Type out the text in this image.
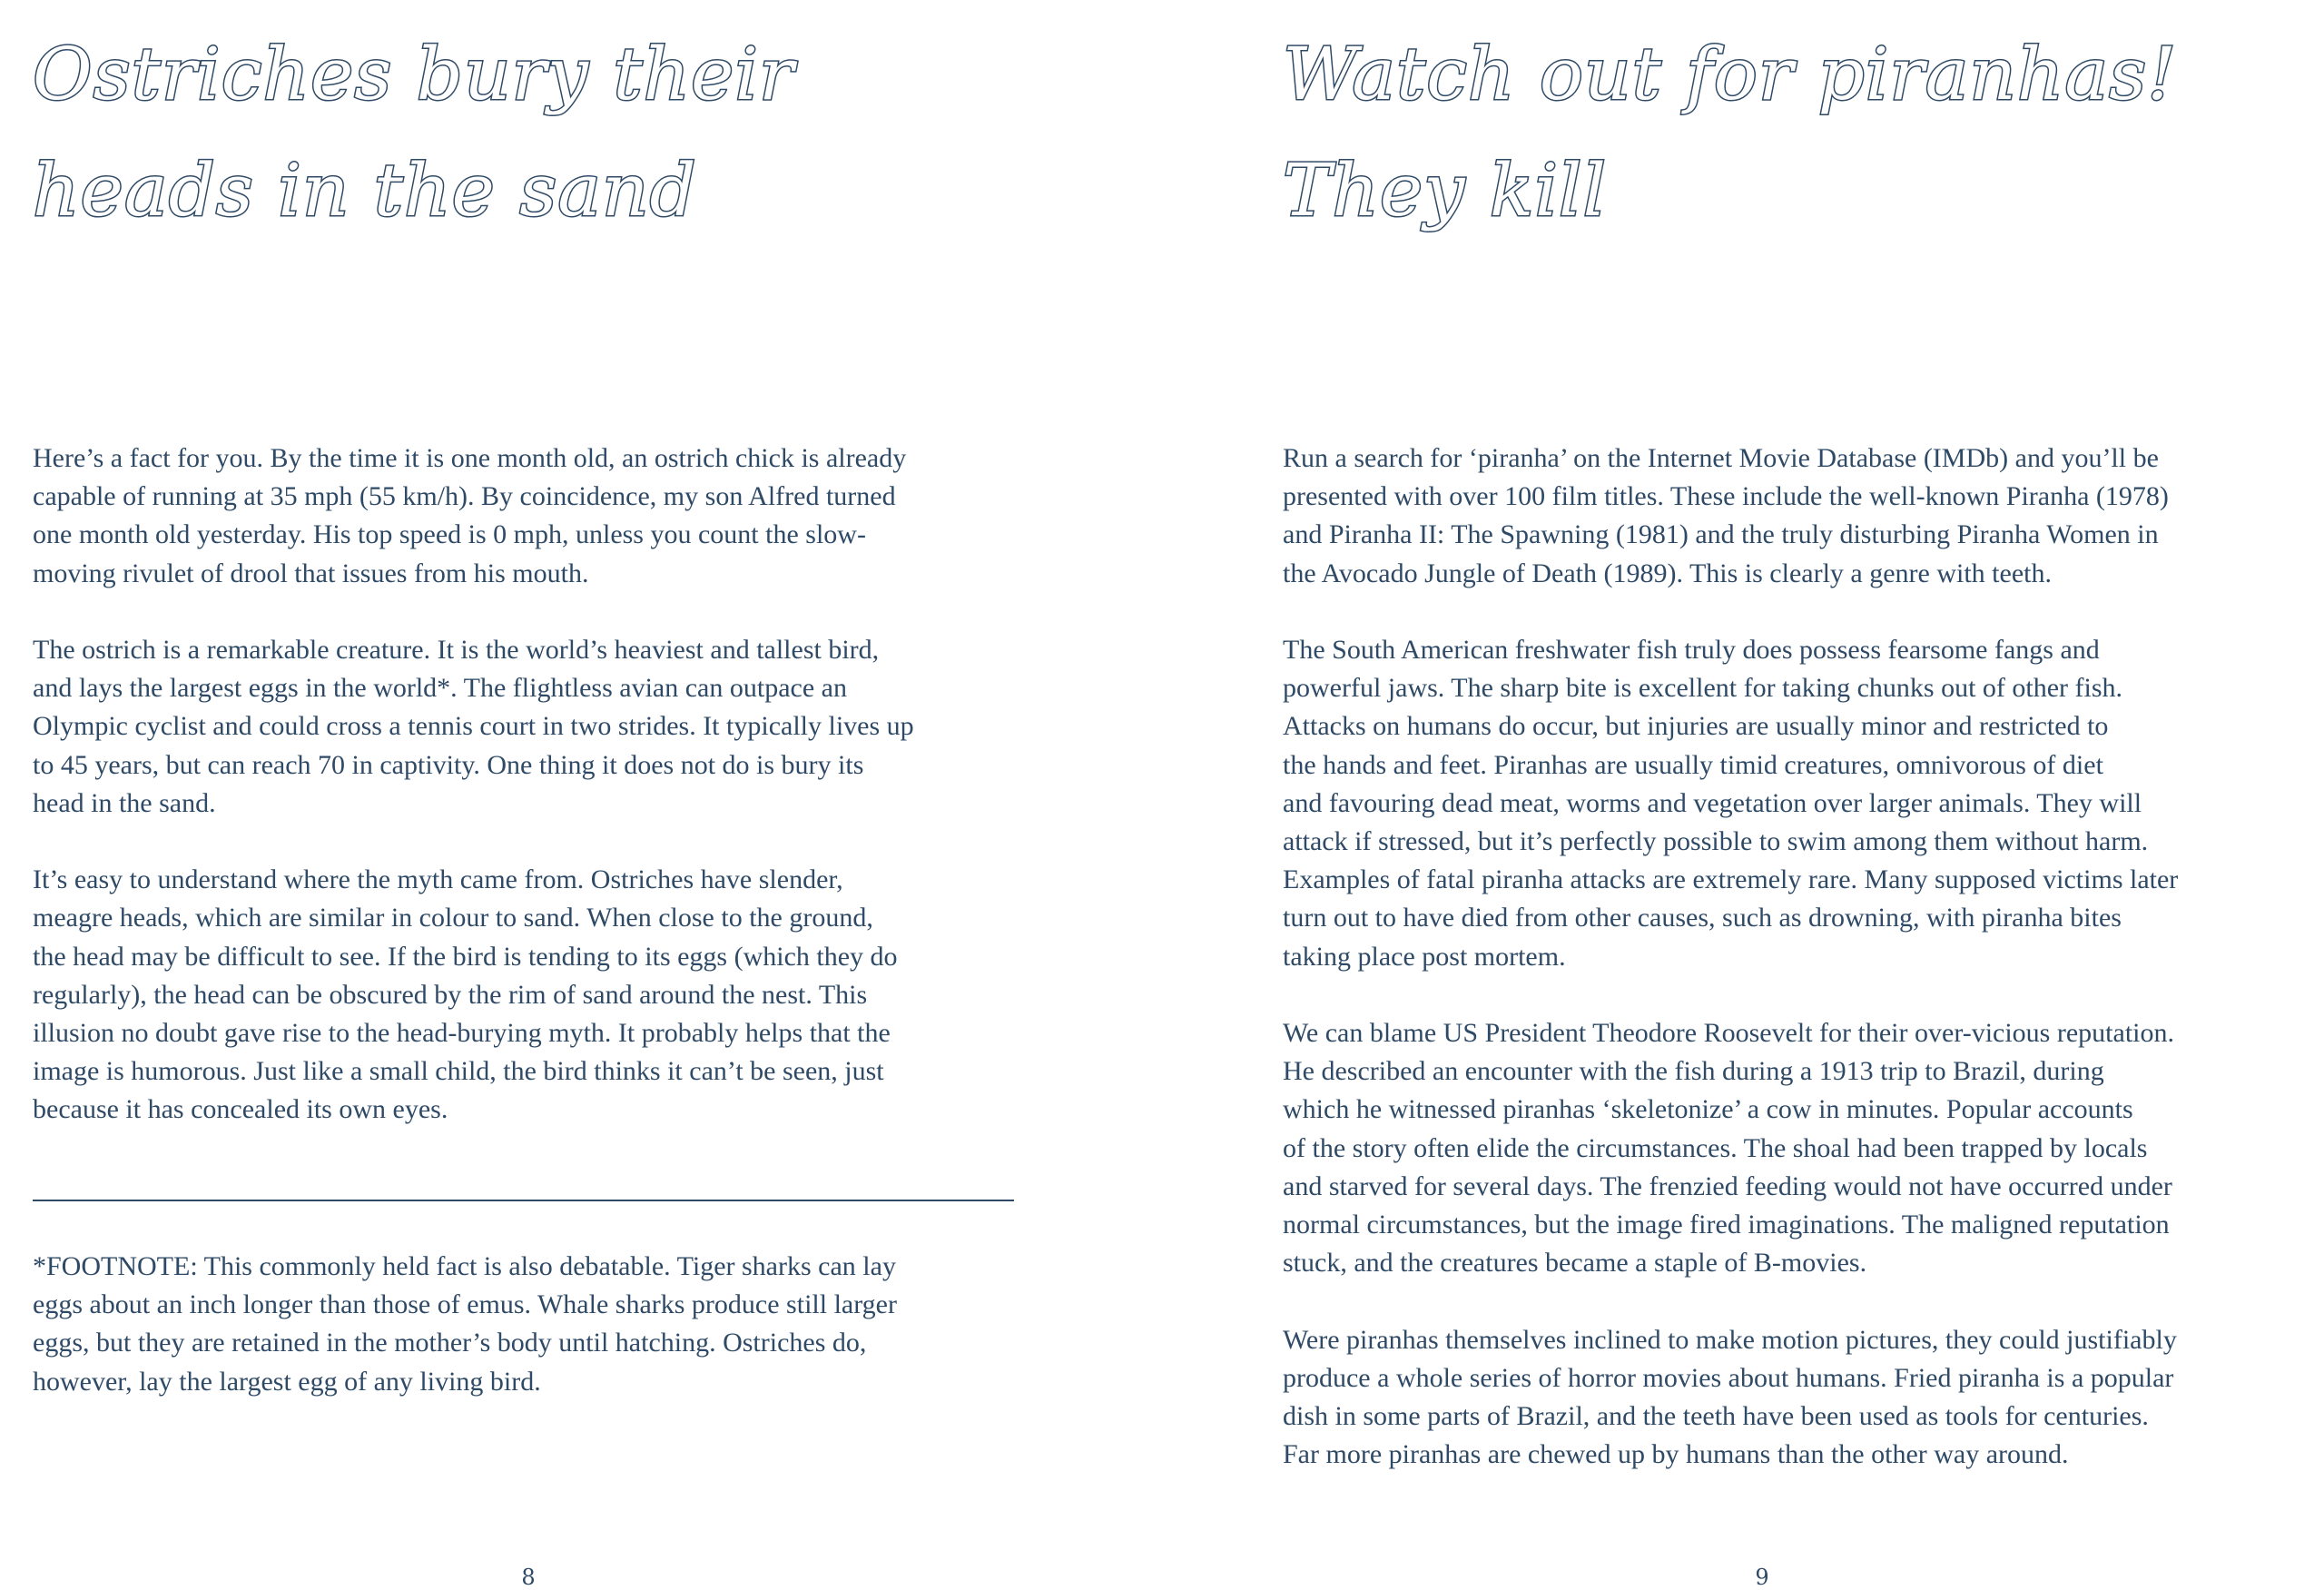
Ostriches bury their
heads in the sand

Here’s a fact for you. By the time it is one month old, an ostrich chick is already
capable of running at 35 mph (55 km/h). By coincidence, my son Alfred turned
one month old yesterday. His top speed is 0 mph, unless you count the slow-
moving rivulet of drool that issues from his mouth.

The ostrich is a remarkable creature. It is the world’s heaviest and tallest bird,
and lays the largest eggs in the world*. The flightless avian can outpace an
Olympic cyclist and could cross a tennis court in two strides. It typically lives up
to 45 years, but can reach 70 in captivity. One thing it does not do is bury its
head in the sand.

It’s easy to understand where the myth came from. Ostriches have slender,
meagre heads, which are similar in colour to sand. When close to the ground,
the head may be difficult to see. If the bird is tending to its eggs (which they do
regularly), the head can be obscured by the rim of sand around the nest. This
illusion no doubt gave rise to the head-burying myth. It probably helps that the
image is humorous. Just like a small child, the bird thinks it can’t be seen, just
because it has concealed its own eyes.

*FOOTNOTE: This commonly held fact is also debatable. Tiger sharks can lay
eggs about an inch longer than those of emus. Whale sharks produce still larger
eggs, but they are retained in the mother’s body until hatching. Ostriches do,
however, lay the largest egg of any living bird.

8
Watch out for piranhas!
They kill

Run a search for ‘piranha’ on the Internet Movie Database (IMDb) and you’ll be
presented with over 100 film titles. These include the well-known Piranha (1978)
and Piranha II: The Spawning (1981) and the truly disturbing Piranha Women in
the Avocado Jungle of Death (1989). This is clearly a genre with teeth.

The South American freshwater fish truly does possess fearsome fangs and
powerful jaws. The sharp bite is excellent for taking chunks out of other fish.
Attacks on humans do occur, but injuries are usually minor and restricted to
the hands and feet. Piranhas are usually timid creatures, omnivorous of diet
and favouring dead meat, worms and vegetation over larger animals. They will
attack if stressed, but it’s perfectly possible to swim among them without harm.
Examples of fatal piranha attacks are extremely rare. Many supposed victims later
turn out to have died from other causes, such as drowning, with piranha bites
taking place post mortem.

We can blame US President Theodore Roosevelt for their over-vicious reputation.
He described an encounter with the fish during a 1913 trip to Brazil, during
which he witnessed piranhas ‘skeletonize’ a cow in minutes. Popular accounts
of the story often elide the circumstances. The shoal had been trapped by locals
and starved for several days. The frenzied feeding would not have occurred under
normal circumstances, but the image fired imaginations. The maligned reputation
stuck, and the creatures became a staple of B-movies.

Were piranhas themselves inclined to make motion pictures, they could justifiably
produce a whole series of horror movies about humans. Fried piranha is a popular
dish in some parts of Brazil, and the teeth have been used as tools for centuries.
Far more piranhas are chewed up by humans than the other way around.

9
